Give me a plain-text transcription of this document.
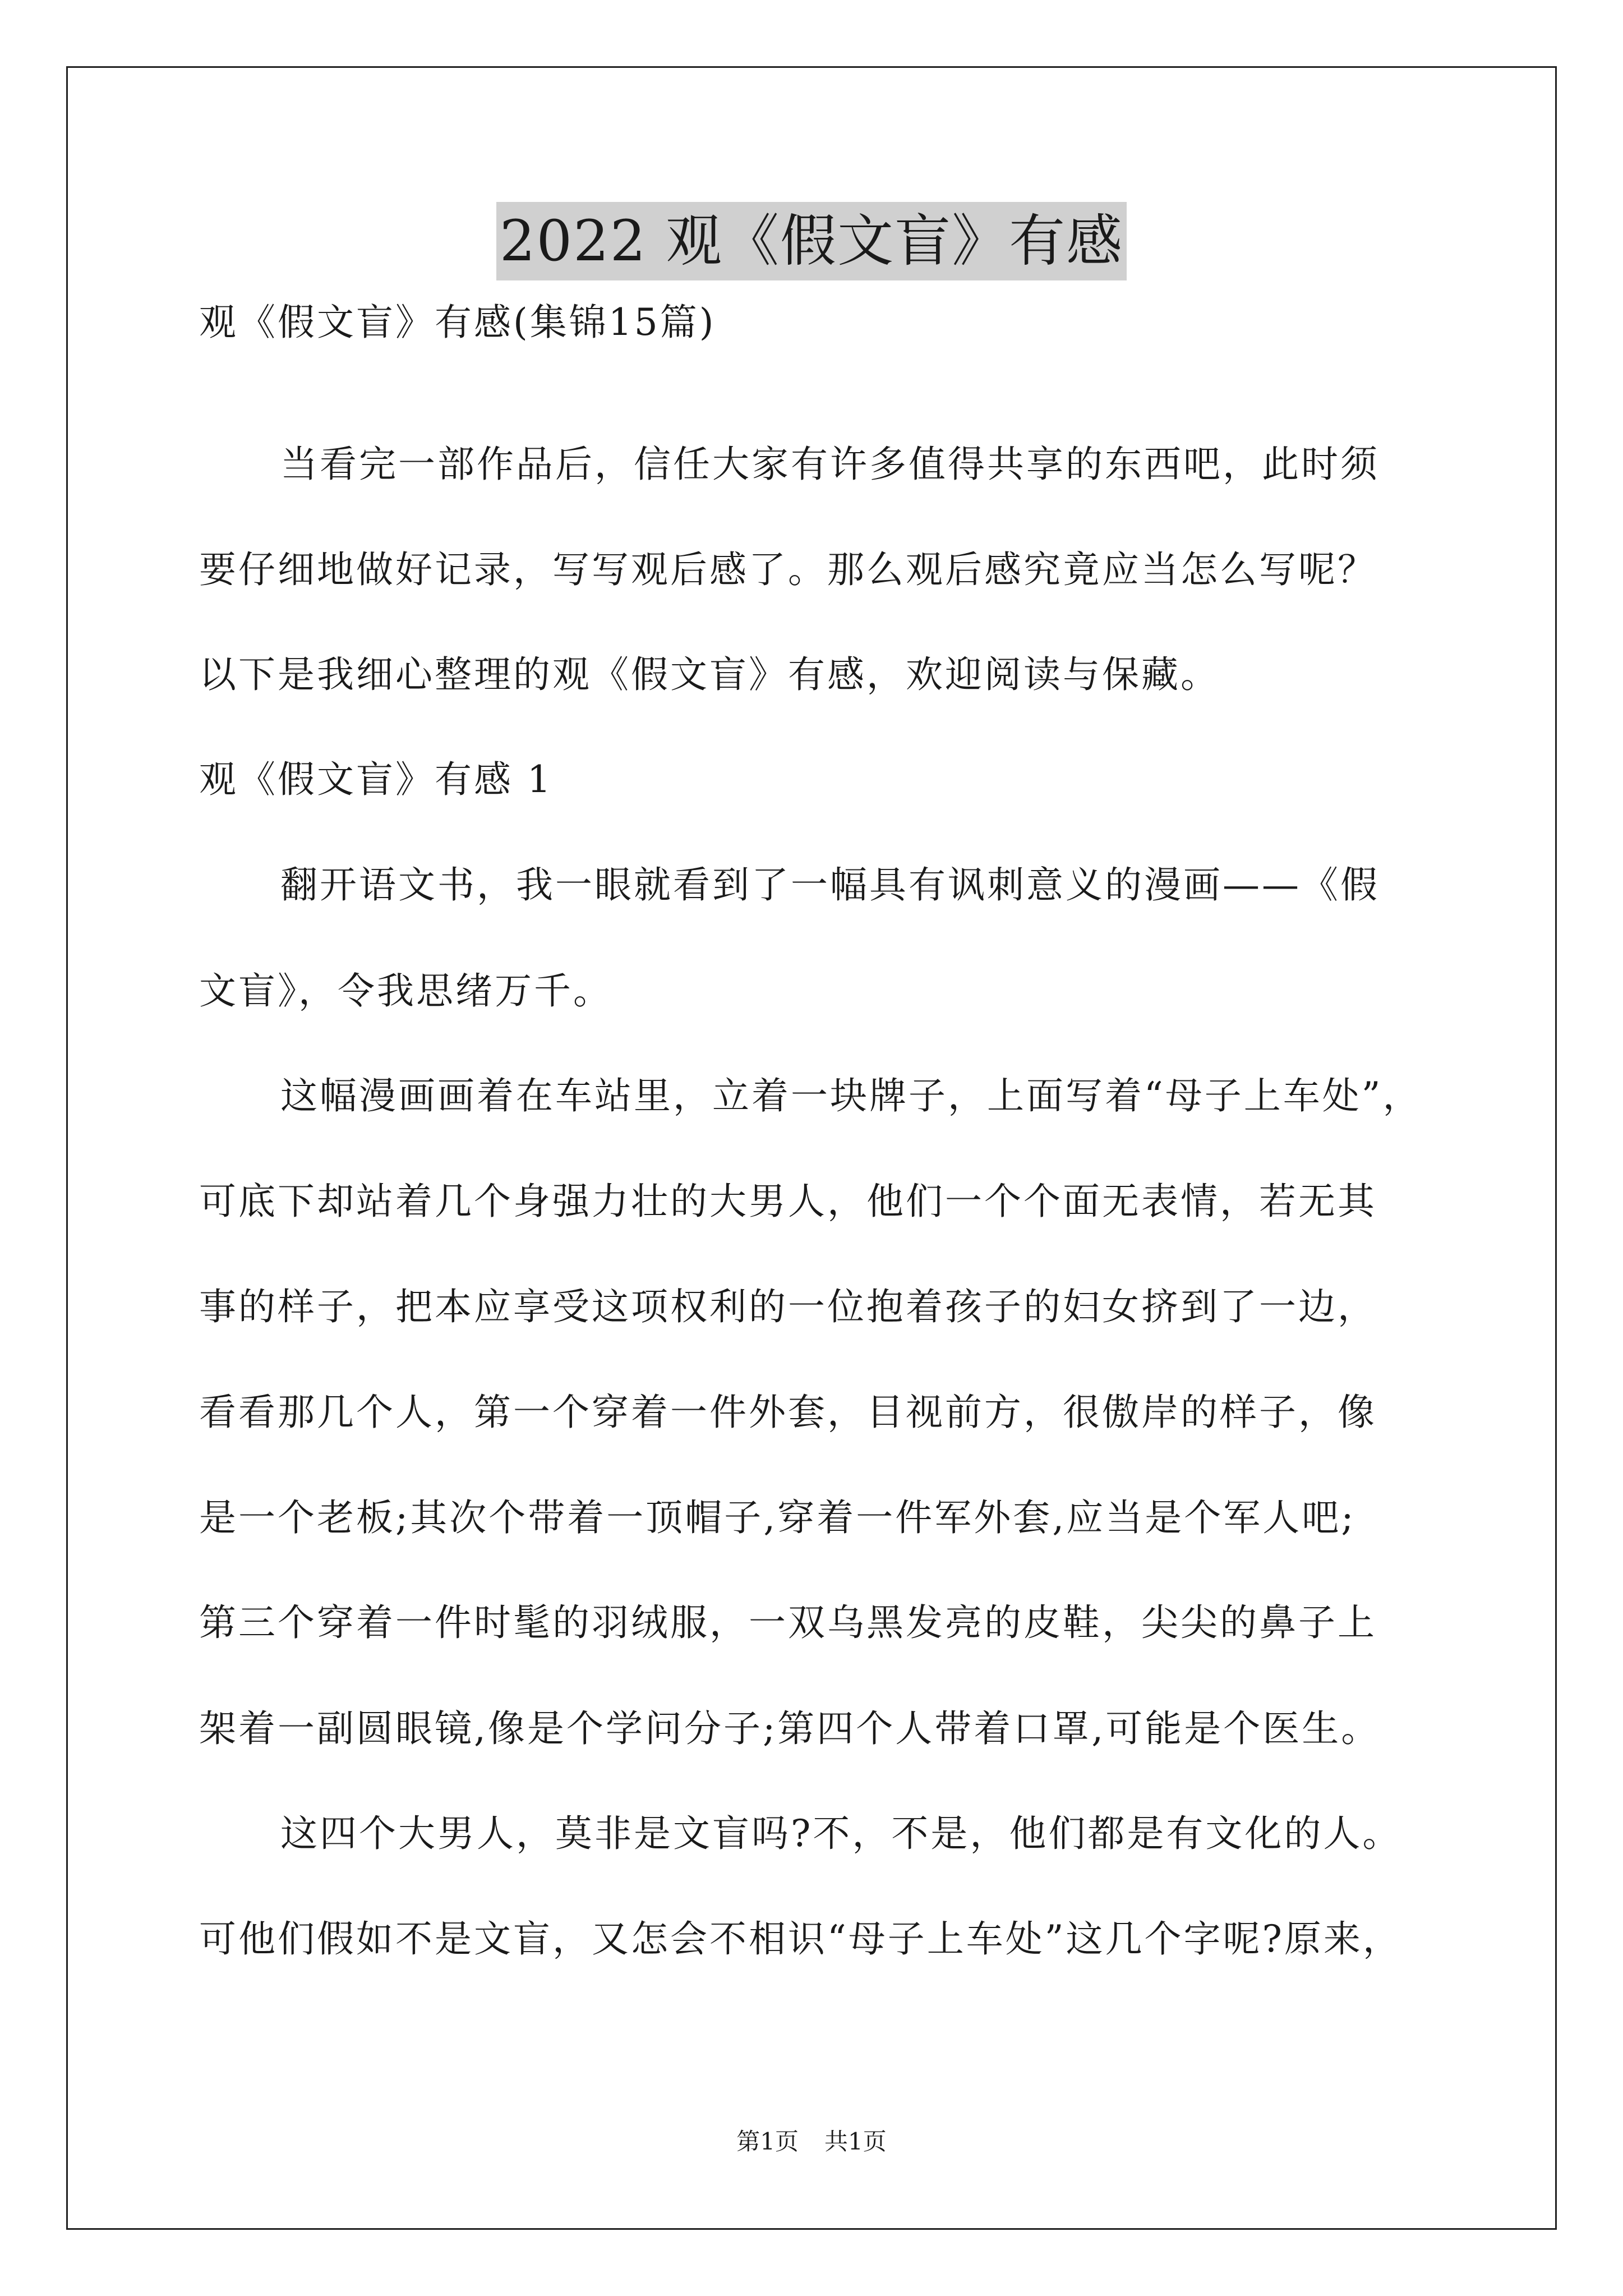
2022 观《假文盲》有感
观《假文盲》有感(集锦15篇)
当看完一部作品后，信任大家有许多值得共享的东西吧，此时须
要仔细地做好记录，写写观后感了。那么观后感究竟应当怎么写呢？
以下是我细心整理的观《假文盲》有感，欢迎阅读与保藏。
观《假文盲》有感 1
翻开语文书，我一眼就看到了一幅具有讽刺意义的漫画——《假
文盲》，令我思绪万千。
这幅漫画画着在车站里，立着一块牌子，上面写着“母子上车处”，
可底下却站着几个身强力壮的大男人，他们一个个面无表情，若无其
事的样子，把本应享受这项权利的一位抱着孩子的妇女挤到了一边，
看看那几个人，第一个穿着一件外套，目视前方，很傲岸的样子，像
是一个老板;其次个带着一顶帽子,穿着一件军外套,应当是个军人吧;
第三个穿着一件时髦的羽绒服，一双乌黑发亮的皮鞋，尖尖的鼻子上
架着一副圆眼镜,像是个学问分子;第四个人带着口罩,可能是个医生。
这四个大男人，莫非是文盲吗?不，不是，他们都是有文化的人。
可他们假如不是文盲，又怎会不相识“母子上车处”这几个字呢?原来，
第1页 共1页
